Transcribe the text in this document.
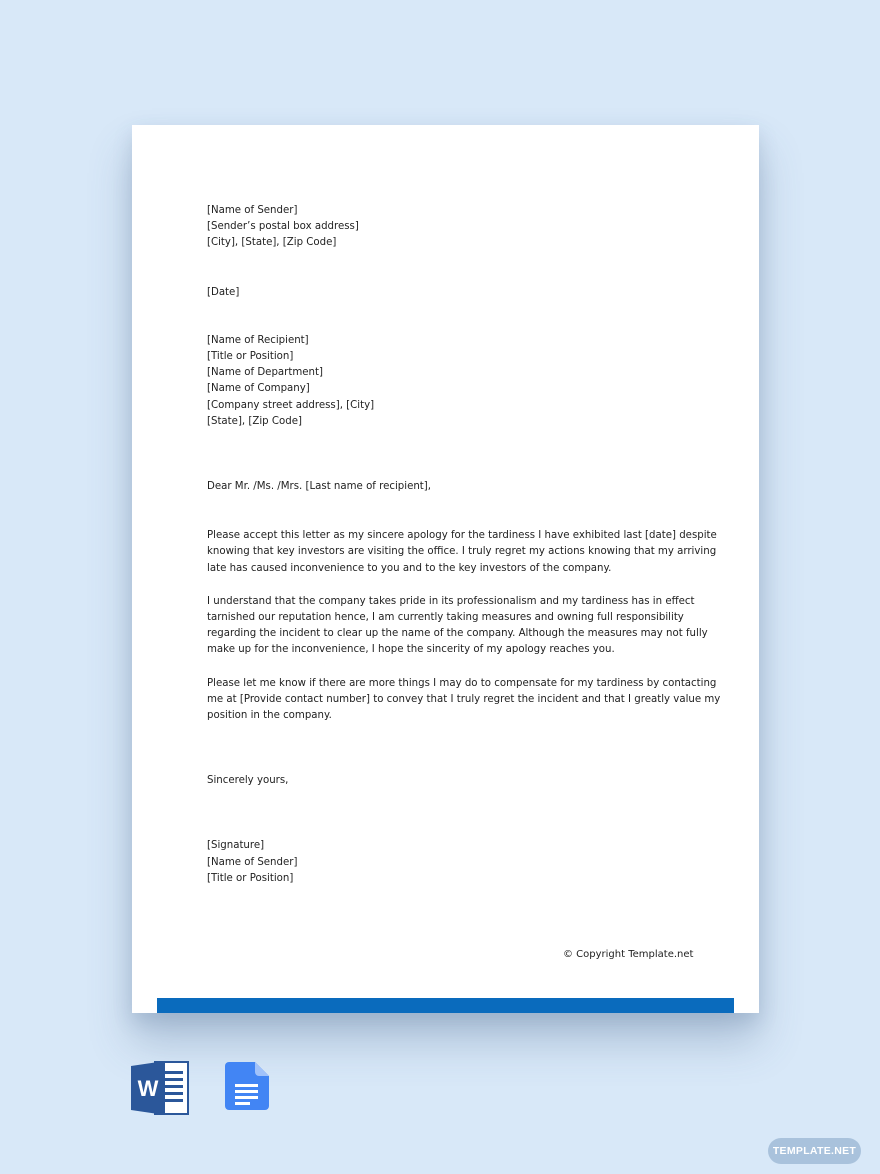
[Name of Sender]
[Sender’s postal box address]
[City], [State], [Zip Code]
[Date]
[Name of Recipient]
[Title or Position]
[Name of Department]
[Name of Company]
[Company street address], [City]
[State], [Zip Code]
Dear Mr. /Ms. /Mrs. [Last name of recipient],
Please accept this letter as my sincere apology for the tardiness I have exhibited last [date] despite
knowing that key investors are visiting the office. I truly regret my actions knowing that my arriving
late has caused inconvenience to you and to the key investors of the company.
I understand that the company takes pride in its professionalism and my tardiness has in effect
tarnished our reputation hence, I am currently taking measures and owning full responsibility
regarding the incident to clear up the name of the company. Although the measures may not fully
make up for the inconvenience, I hope the sincerity of my apology reaches you.
Please let me know if there are more things I may do to compensate for my tardiness by contacting
me at [Provide contact number] to convey that I truly regret the incident and that I greatly value my
position in the company.
Sincerely yours,
[Signature]
[Name of Sender]
[Title or Position]
© Copyright Template.net
W
TEMPLATE.NET
